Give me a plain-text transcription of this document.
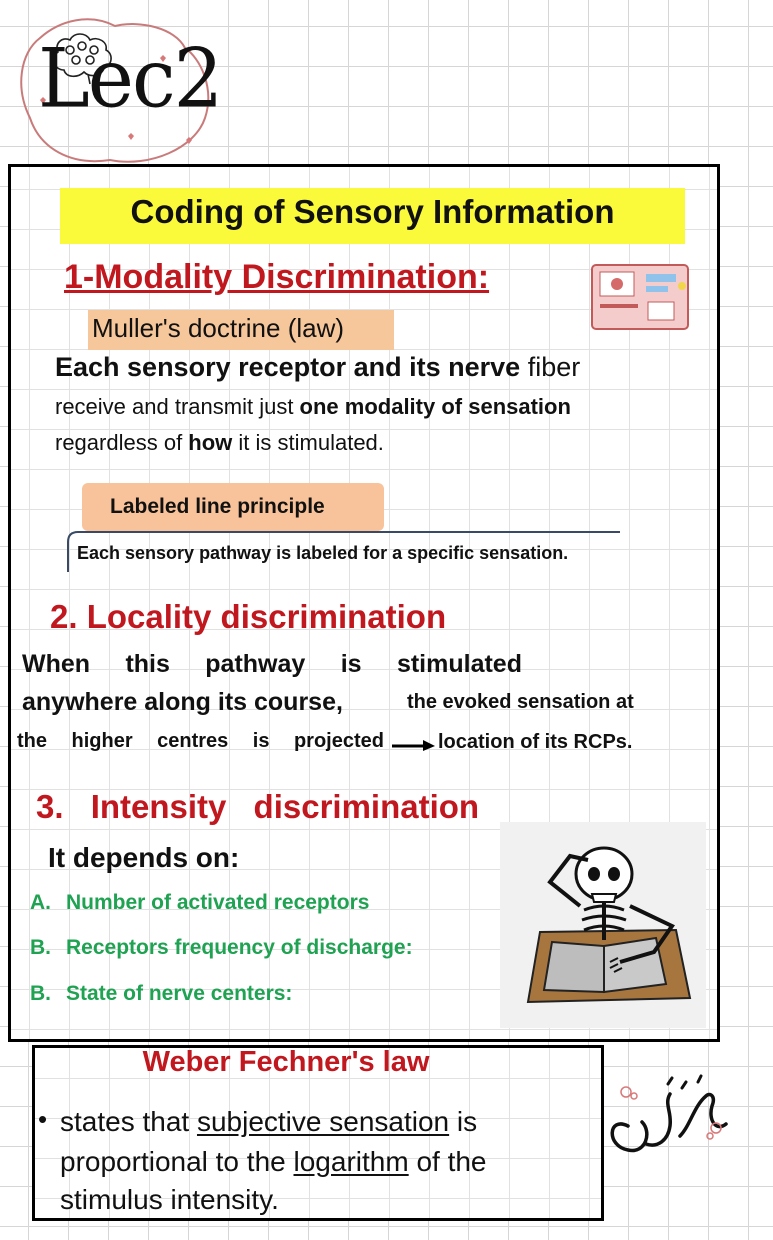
Lec2
Coding of Sensory Information
1-Modality Discrimination:
Muller's doctrine (law)
Each sensory receptor and its nerve fiber
receive and transmit just one modality of sensation
regardless of how it is stimulated.
Labeled line principle
Each sensory pathway is labeled for a specific sensation.
2. Locality discrimination
When this pathway is stimulated
anywhere along its course,	the evoked sensation at
the higher centres is projected	location of its RCPs.
3. Intensity discrimination
It depends on:
A. Number of activated receptors
B. Receptors frequency of discharge:
B. State of nerve centers:
Weber Fechner's law
• states that subjective sensation is
proportional to the logarithm of the
stimulus intensity.
